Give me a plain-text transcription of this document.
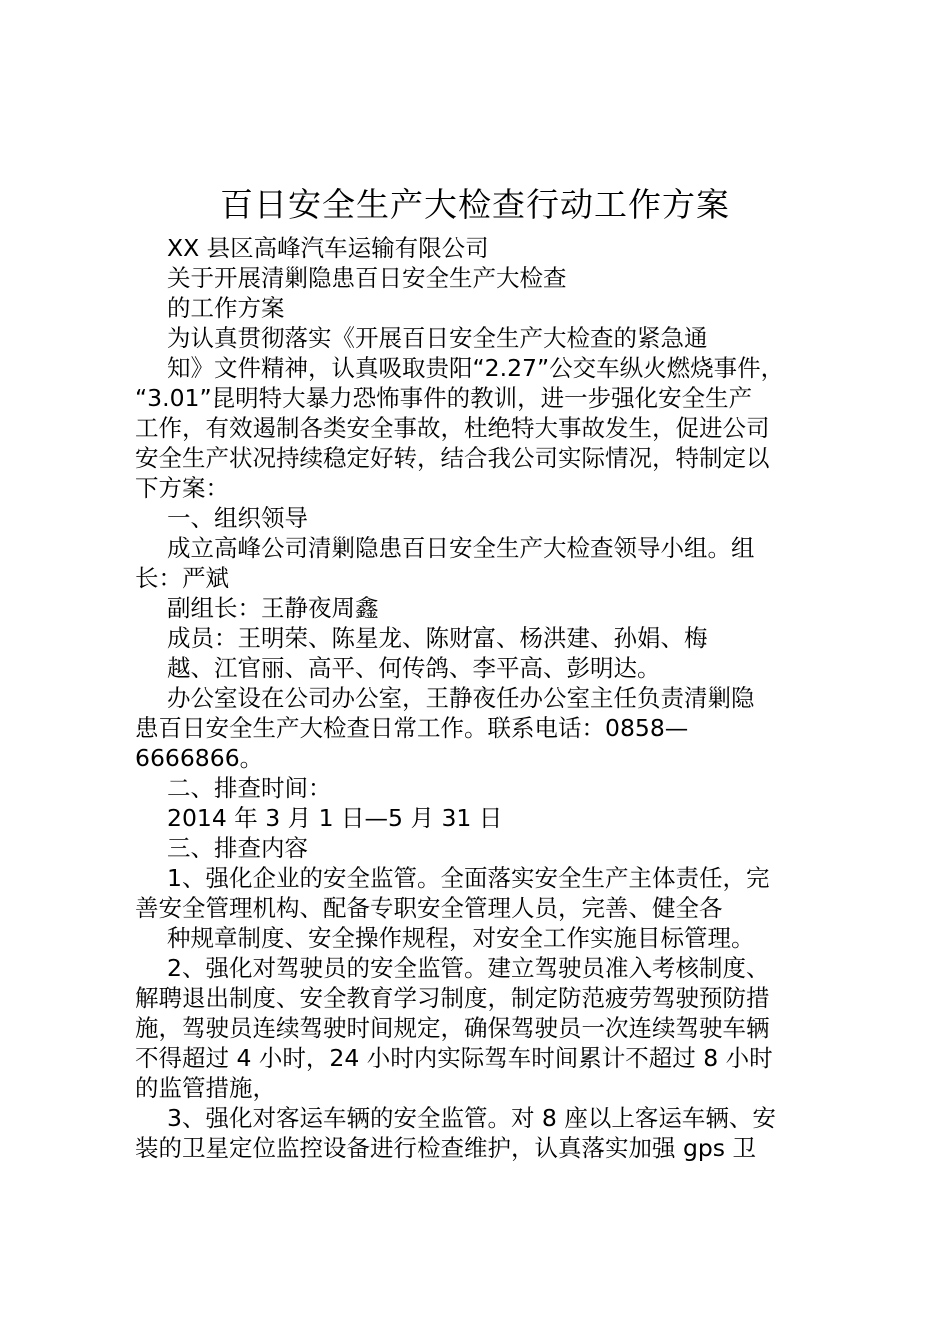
百日安全生产大检查行动工作方案
XX 县区高峰汽车运输有限公司
关于开展清剿隐患百日安全生产大检查
的工作方案
为认真贯彻落实《开展百日安全生产大检查的紧急通
知》文件精神，认真吸取贵阳“2.27”公交车纵火燃烧事件，
“3.01”昆明特大暴力恐怖事件的教训，进一步强化安全生产
工作，有效遏制各类安全事故，杜绝特大事故发生，促进公司
安全生产状况持续稳定好转，结合我公司实际情况，特制定以
下方案：
一、组织领导
成立高峰公司清剿隐患百日安全生产大检查领导小组。组
长：严斌
副组长：王静夜周鑫
成员：王明荣、陈星龙、陈财富、杨洪建、孙娟、梅
越、江官丽、高平、何传鸽、李平高、彭明达。
办公室设在公司办公室，王静夜任办公室主任负责清剿隐
患百日安全生产大检查日常工作。联系电话：0858—
6666866。
二、排查时间：
2014 年 3 月 1 日—5 月 31 日
三、排查内容
1、强化企业的安全监管。全面落实安全生产主体责任，完
善安全管理机构、配备专职安全管理人员，完善、健全各
种规章制度、安全操作规程，对安全工作实施目标管理。
2、强化对驾驶员的安全监管。建立驾驶员准入考核制度、
解聘退出制度、安全教育学习制度，制定防范疲劳驾驶预防措
施，驾驶员连续驾驶时间规定，确保驾驶员一次连续驾驶车辆
不得超过 4 小时，24 小时内实际驾车时间累计不超过 8 小时
的监管措施，
3、强化对客运车辆的安全监管。对 8 座以上客运车辆、安
装的卫星定位监控设备进行检查维护，认真落实加强 gps 卫
